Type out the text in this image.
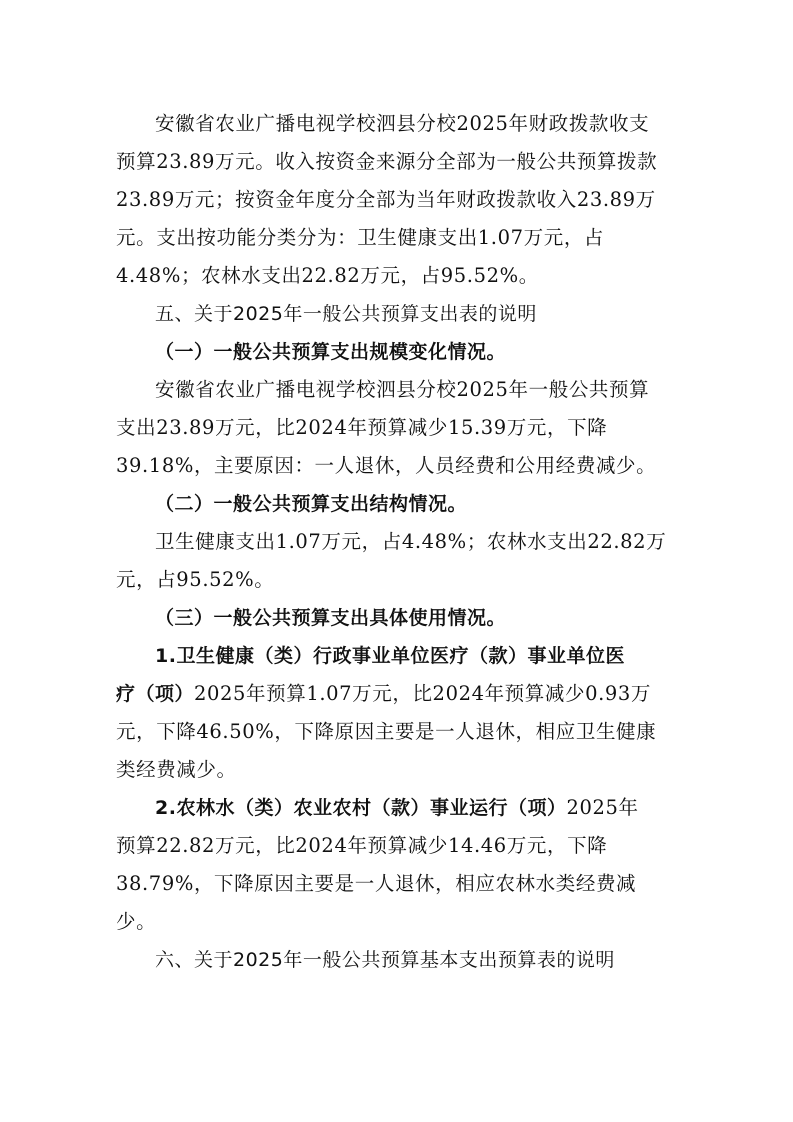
安徽省农业广播电视学校泗县分校2025年财政拨款收支
预算23.89万元。收入按资金来源分全部为一般公共预算拨款
23.89万元；按资金年度分全部为当年财政拨款收入23.89万
元。支出按功能分类分为：卫生健康支出1.07万元，占
4.48%；农林水支出22.82万元，占95.52%。
五、关于2025年一般公共预算支出表的说明
（一）一般公共预算支出规模变化情况。
安徽省农业广播电视学校泗县分校2025年一般公共预算
支出23.89万元，比2024年预算减少15.39万元，下降
39.18%，主要原因：一人退休，人员经费和公用经费减少。
（二）一般公共预算支出结构情况。
卫生健康支出1.07万元，占4.48%；农林水支出22.82万
元，占95.52%。
（三）一般公共预算支出具体使用情况。
1.卫生健康（类）行政事业单位医疗（款）事业单位医
疗（项）2025年预算1.07万元，比2024年预算减少0.93万
元，下降46.50%，下降原因主要是一人退休，相应卫生健康
类经费减少。
2.农林水（类）农业农村（款）事业运行（项）2025年
预算22.82万元，比2024年预算减少14.46万元，下降
38.79%，下降原因主要是一人退休，相应农林水类经费减
少。
六、关于2025年一般公共预算基本支出预算表的说明
